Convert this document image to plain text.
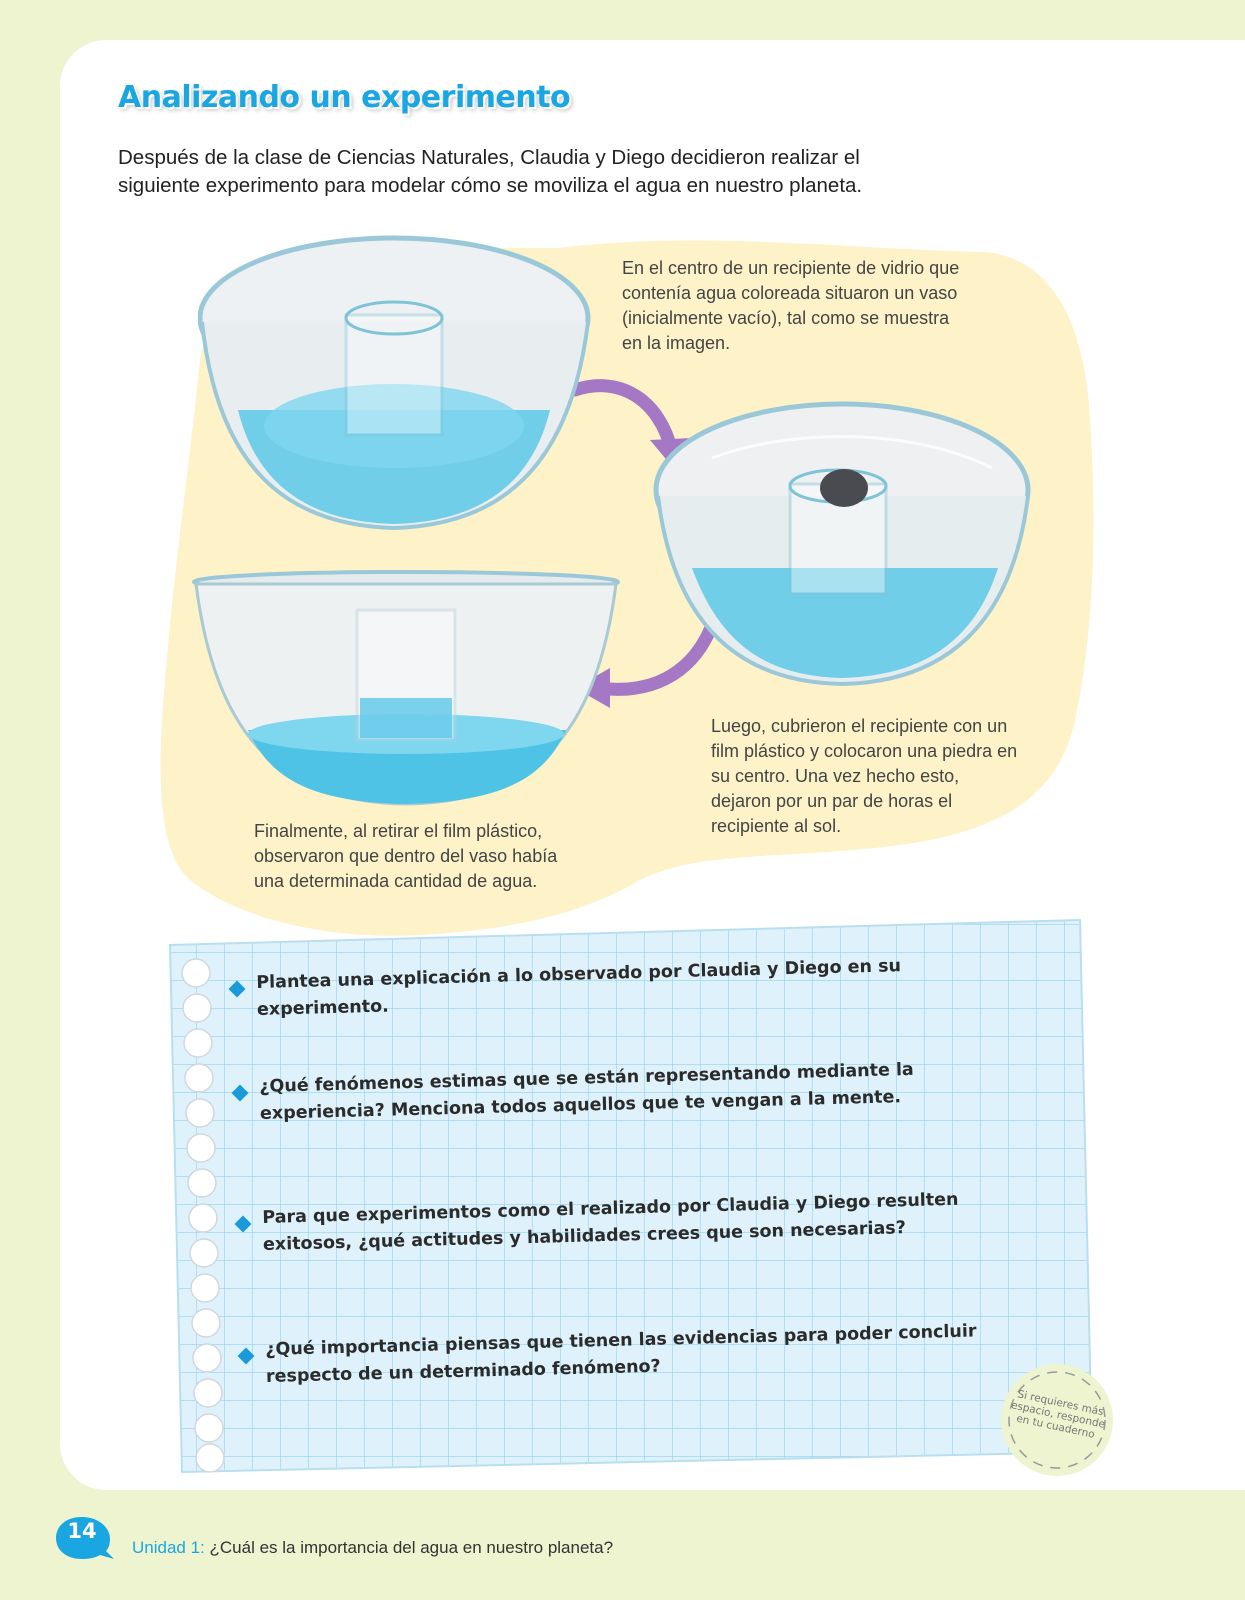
Analizando un experimento

Después de la clase de Ciencias Naturales, Claudia y Diego decidieron realizar el siguiente experimento para modelar cómo se moviliza el agua en nuestro planeta.

En el centro de un recipiente de vidrio que contenía agua coloreada situaron un vaso (inicialmente vacío), tal como se muestra en la imagen.

Luego, cubrieron el recipiente con un film plástico y colocaron una piedra en su centro. Una vez hecho esto, dejaron por un par de horas el recipiente al sol.

Finalmente, al retirar el film plástico, observaron que dentro del vaso había una determinada cantidad de agua.

Plantea una explicación a lo observado por Claudia y Diego en su experimento.

¿Qué fenómenos estimas que se están representando mediante la experiencia? Menciona todos aquellos que te vengan a la mente.

Para que experimentos como el realizado por Claudia y Diego resulten exitosos, ¿qué actitudes y habilidades crees que son necesarias?

¿Qué importancia piensas que tienen las evidencias para poder concluir respecto de un determinado fenómeno?

Si requieres más espacio, responde en tu cuaderno

14

Unidad 1: ¿Cuál es la importancia del agua en nuestro planeta?
